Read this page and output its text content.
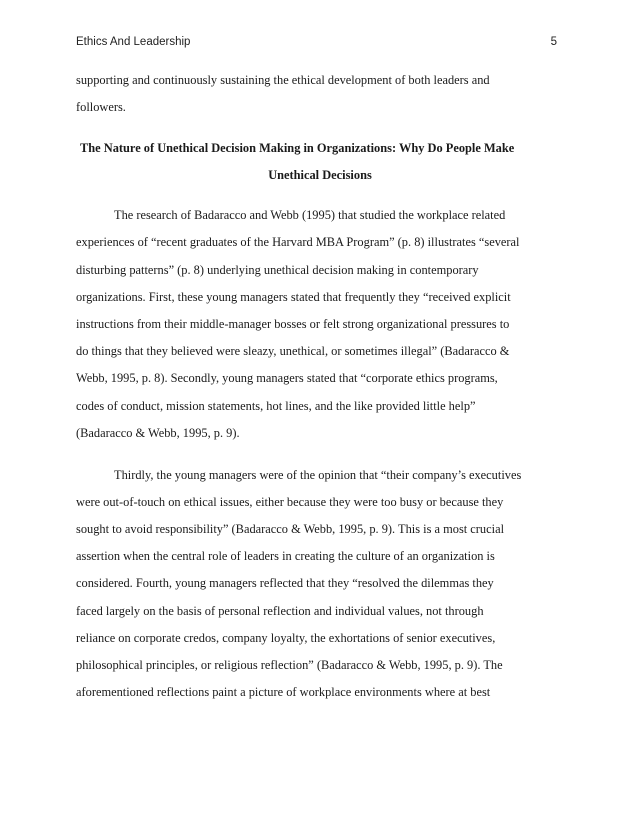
Ethics And Leadership	5
supporting and continuously sustaining the ethical development of both leaders and
followers.
The Nature of Unethical Decision Making in Organizations: Why Do People Make
Unethical Decisions
The research of Badaracco and Webb (1995) that studied the workplace related
experiences of “recent graduates of the Harvard MBA Program” (p. 8) illustrates “several
disturbing patterns” (p. 8) underlying unethical decision making in contemporary
organizations. First, these young managers stated that frequently they “received explicit
instructions from their middle-manager bosses or felt strong organizational pressures to
do things that they believed were sleazy, unethical, or sometimes illegal” (Badaracco &
Webb, 1995, p. 8). Secondly, young managers stated that “corporate ethics programs,
codes of conduct, mission statements, hot lines, and the like provided little help”
(Badaracco & Webb, 1995, p. 9).
Thirdly, the young managers were of the opinion that “their company’s executives
were out-of-touch on ethical issues, either because they were too busy or because they
sought to avoid responsibility” (Badaracco & Webb, 1995, p. 9). This is a most crucial
assertion when the central role of leaders in creating the culture of an organization is
considered. Fourth, young managers reflected that they “resolved the dilemmas they
faced largely on the basis of personal reflection and individual values, not through
reliance on corporate credos, company loyalty, the exhortations of senior executives,
philosophical principles, or religious reflection” (Badaracco & Webb, 1995, p. 9). The
aforementioned reflections paint a picture of workplace environments where at best
